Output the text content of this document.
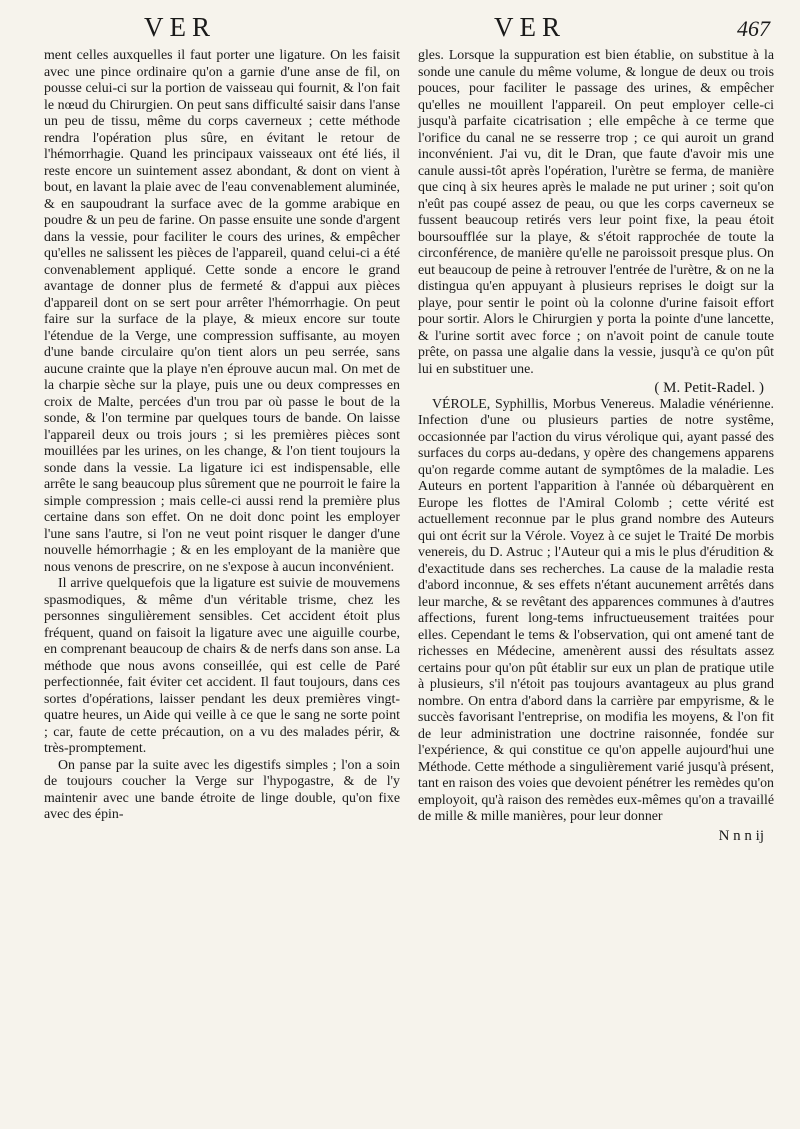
VER	VER	467

ment celles auxquelles il faut porter une ligature. On les faisit avec une pince ordinaire qu'on a garnie d'une anse de fil, on pousse celui-ci sur la portion de vaisseau qui fournit, & l'on fait le nœud du Chirurgien. On peut sans difficulté saisir dans l'anse un peu de tissu, même du corps caverneux ; cette méthode rendra l'opération plus sûre, en évitant le retour de l'hémorrhagie. Quand les principaux vaisseaux ont été liés, il reste encore un suintement assez abondant, & dont on vient à bout, en lavant la plaie avec de l'eau convenablement aluminée, & en saupoudrant la surface avec de la gomme arabique en poudre & un peu de farine. On passe ensuite une sonde d'argent dans la vessie, pour faciliter le cours des urines, & empêcher qu'elles ne salissent les pièces de l'appareil, quand celui-ci a été convenablement appliqué. Cette sonde a encore le grand avantage de donner plus de fermeté & d'appui aux pièces d'appareil dont on se sert pour arrêter l'hémorrhagie. On peut faire sur la surface de la playe, & mieux encore sur toute l'étendue de la Verge, une compression suffisante, au moyen d'une bande circulaire qu'on tient alors un peu serrée, sans aucune crainte que la playe n'en éprouve aucun mal. On met de la charpie sèche sur la playe, puis une ou deux compresses en croix de Malte, percées d'un trou par où passe le bout de la sonde, & l'on termine par quelques tours de bande. On laisse l'appareil deux ou trois jours ; si les premières pièces sont mouillées par les urines, on les change, & l'on tient toujours la sonde dans la vessie. La ligature ici est indispensable, elle arrête le sang beaucoup plus sûrement que ne pourroit le faire la simple compression ; mais celle-ci aussi rend la première plus certaine dans son effet. On ne doit donc point les employer l'une sans l'autre, si l'on ne veut point risquer le danger d'une nouvelle hémorrhagie ; & en les employant de la manière que nous venons de prescrire, on ne s'expose à aucun inconvénient.

Il arrive quelquefois que la ligature est suivie de mouvemens spasmodiques, & même d'un véritable trisme, chez les personnes singulièrement sensibles. Cet accident étoit plus fréquent, quand on faisoit la ligature avec une aiguille courbe, en comprenant beaucoup de chairs & de nerfs dans son anse. La méthode que nous avons conseillée, qui est celle de Paré perfectionnée, fait éviter cet accident. Il faut toujours, dans ces sortes d'opérations, laisser pendant les deux premières vingt-quatre heures, un Aide qui veille à ce que le sang ne sorte point ; car, faute de cette précaution, on a vu des malades périr, & très-promptement.

On panse par la suite avec les digestifs simples ; l'on a soin de toujours coucher la Verge sur l'hypogastre, & de l'y maintenir avec une bande étroite de linge double, qu'on fixe avec des épin-

gles. Lorsque la suppuration est bien établie, on substitue à la sonde une canule du même volume, & longue de deux ou trois pouces, pour faciliter le passage des urines, & empêcher qu'elles ne mouillent l'appareil. On peut employer celle-ci jusqu'à parfaite cicatrisation ; elle empêche à ce terme que l'orifice du canal ne se resserre trop ; ce qui auroit un grand inconvénient. J'ai vu, dit le Dran, que faute d'avoir mis une canule aussi-tôt après l'opération, l'urètre se ferma, de manière que cinq à six heures après le malade ne put uriner ; soit qu'on n'eût pas coupé assez de peau, ou que les corps caverneux se fussent beaucoup retirés vers leur point fixe, la peau étoit boursoufflée sur la playe, & s'étoit rapprochée de toute la circonférence, de manière qu'elle ne paroissoit presque plus. On eut beaucoup de peine à retrouver l'entrée de l'urètre, & on ne la distingua qu'en appuyant à plusieurs reprises le doigt sur la playe, pour sentir le point où la colonne d'urine faisoit effort pour sortir. Alors le Chirurgien y porta la pointe d'une lancette, & l'urine sortit avec force ; on n'avoit point de canule toute prête, on passa une algalie dans la vessie, jusqu'à ce qu'on pût lui en substituer une.

( M. Petit-Radel. )

VÉROLE, Syphillis, Morbus Venereus. Maladie vénérienne. Infection d'une ou plusieurs parties de notre systême, occasionnée par l'action du virus vérolique qui, ayant passé des surfaces du corps au-dedans, y opère des changemens apparens qu'on regarde comme autant de symptômes de la maladie. Les Auteurs en portent l'apparition à l'année où débarquèrent en Europe les flottes de l'Amiral Colomb ; cette vérité est actuellement reconnue par le plus grand nombre des Auteurs qui ont écrit sur la Vérole. Voyez à ce sujet le Traité De morbis venereis, du D. Astruc ; l'Auteur qui a mis le plus d'érudition & d'exactitude dans ses recherches. La cause de la maladie resta d'abord inconnue, & ses effets n'étant aucunement arrêtés dans leur marche, & se revêtant des apparences communes à d'autres affections, furent long-tems infructueusement traitées pour elles. Cependant le tems & l'observation, qui ont amené tant de richesses en Médecine, amenèrent aussi des résultats assez certains pour qu'on pût établir sur eux un plan de pratique utile à plusieurs, s'il n'étoit pas toujours avantageux au plus grand nombre. On entra d'abord dans la carrière par empyrisme, & le succès favorisant l'entreprise, on modifia les moyens, & l'on fit de leur administration une doctrine raisonnée, fondée sur l'expérience, & qui constitue ce qu'on appelle aujourd'hui une Méthode. Cette méthode a singulièrement varié jusqu'à présent, tant en raison des voies que devoient pénétrer les remèdes qu'on employoit, qu'à raison des remèdes eux-mêmes qu'on a travaillé de mille & mille manières, pour leur donner

N n n ij
